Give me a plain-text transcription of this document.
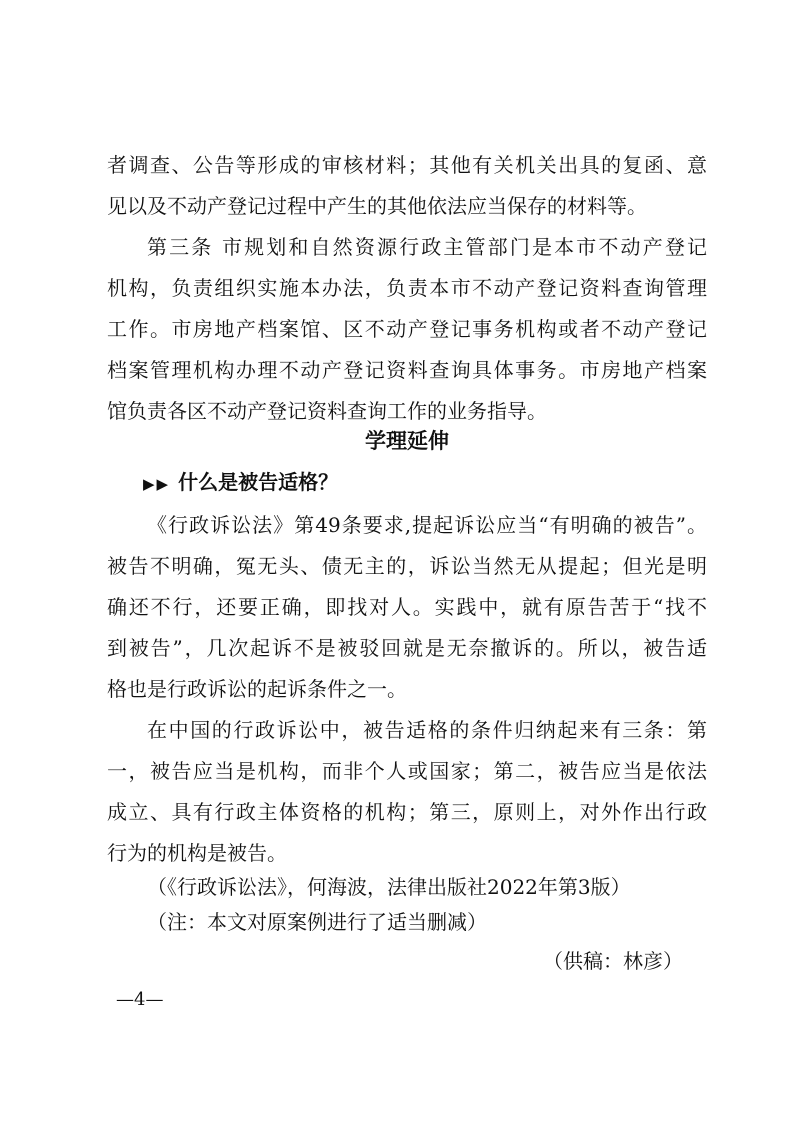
者调查、公告等形成的审核材料；其他有关机关出具的复函、意
见以及不动产登记过程中产生的其他依法应当保存的材料等。
第三条 市规划和自然资源行政主管部门是本市不动产登记
机构，负责组织实施本办法，负责本市不动产登记资料查询管理
工作。市房地产档案馆、区不动产登记事务机构或者不动产登记
档案管理机构办理不动产登记资料查询具体事务。市房地产档案
馆负责各区不动产登记资料查询工作的业务指导。
学理延伸
▶▶ 什么是被告适格？
《行政诉讼法》第49条要求,提起诉讼应当“有明确的被告”。
被告不明确，冤无头、债无主的，诉讼当然无从提起；但光是明
确还不行，还要正确，即找对人。实践中，就有原告苦于“找不
到被告”，几次起诉不是被驳回就是无奈撤诉的。所以，被告适
格也是行政诉讼的起诉条件之一。
在中国的行政诉讼中，被告适格的条件归纳起来有三条：第
一，被告应当是机构，而非个人或国家；第二，被告应当是依法
成立、具有行政主体资格的机构；第三，原则上，对外作出行政
行为的机构是被告。
（《行政诉讼法》，何海波，法律出版社2022年第3版）
（注：本文对原案例进行了适当删减）
（供稿：林彦）
—4—
